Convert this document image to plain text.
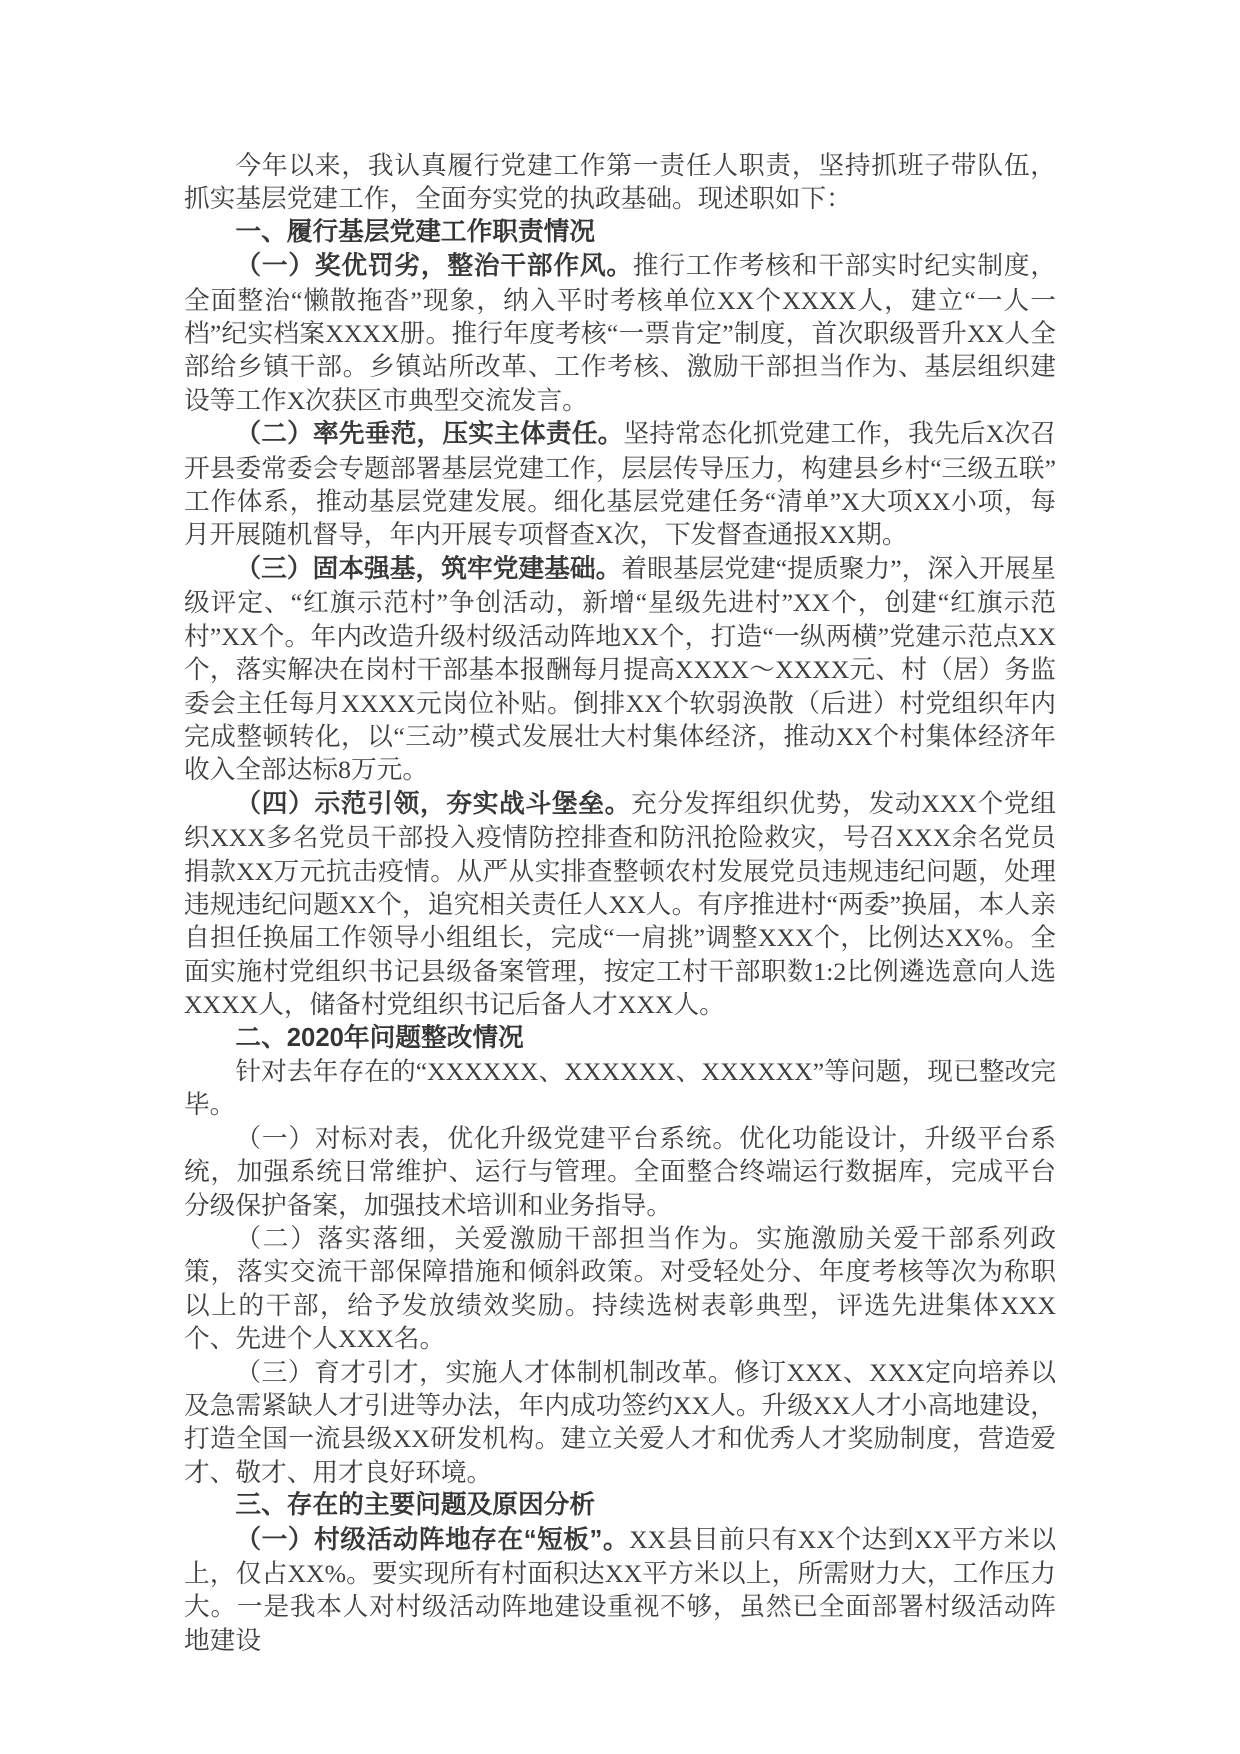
今年以来，我认真履行党建工作第一责任人职责，坚持抓班子带队伍，抓实基层党建工作，全面夯实党的执政基础。现述职如下：

一、履行基层党建工作职责情况

（一）奖优罚劣，整治干部作风。推行工作考核和干部实时纪实制度，全面整治“懒散拖沓”现象，纳入平时考核单位XX个XXXX人，建立“一人一档”纪实档案XXXX册。推行年度考核“一票肯定”制度，首次职级晋升XX人全部给乡镇干部。乡镇站所改革、工作考核、激励干部担当作为、基层组织建设等工作X次获区市典型交流发言。

（二）率先垂范，压实主体责任。坚持常态化抓党建工作，我先后X次召开县委常委会专题部署基层党建工作，层层传导压力，构建县乡村“三级五联”工作体系，推动基层党建发展。细化基层党建任务“清单”X大项XX小项，每月开展随机督导，年内开展专项督查X次，下发督查通报XX期。

（三）固本强基，筑牢党建基础。着眼基层党建“提质聚力”，深入开展星级评定、“红旗示范村”争创活动，新增“星级先进村”XX个，创建“红旗示范村”XX个。年内改造升级村级活动阵地XX个，打造“一纵两横”党建示范点XX个，落实解决在岗村干部基本报酬每月提高XXXX～XXXX元、村（居）务监委会主任每月XXXX元岗位补贴。倒排XX个软弱涣散（后进）村党组织年内完成整顿转化，以“三动”模式发展壮大村集体经济，推动XX个村集体经济年收入全部达标8万元。

（四）示范引领，夯实战斗堡垒。充分发挥组织优势，发动XXX个党组织XXX多名党员干部投入疫情防控排查和防汛抢险救灾，号召XXX余名党员捐款XX万元抗击疫情。从严从实排查整顿农村发展党员违规违纪问题，处理违规违纪问题XX个，追究相关责任人XX人。有序推进村“两委”换届，本人亲自担任换届工作领导小组组长，完成“一肩挑”调整XXX个，比例达XX%。全面实施村党组织书记县级备案管理，按定工村干部职数1:2比例遴选意向人选XXXX人，储备村党组织书记后备人才XXX人。

二、2020年问题整改情况

针对去年存在的“XXXXXX、XXXXXX、XXXXXX”等问题，现已整改完毕。

（一）对标对表，优化升级党建平台系统。优化功能设计，升级平台系统，加强系统日常维护、运行与管理。全面整合终端运行数据库，完成平台分级保护备案，加强技术培训和业务指导。

（二）落实落细，关爱激励干部担当作为。实施激励关爱干部系列政策，落实交流干部保障措施和倾斜政策。对受轻处分、年度考核等次为称职以上的干部，给予发放绩效奖励。持续选树表彰典型，评选先进集体XXX个、先进个人XXX名。

（三）育才引才，实施人才体制机制改革。修订XXX、XXX定向培养以及急需紧缺人才引进等办法，年内成功签约XX人。升级XX人才小高地建设，打造全国一流县级XX研发机构。建立关爱人才和优秀人才奖励制度，营造爱才、敬才、用才良好环境。

三、存在的主要问题及原因分析

（一）村级活动阵地存在“短板”。XX县目前只有XX个达到XX平方米以上，仅占XX%。要实现所有村面积达XX平方米以上，所需财力大，工作压力大。一是我本人对村级活动阵地建设重视不够，虽然已全面部署村级活动阵地建设
